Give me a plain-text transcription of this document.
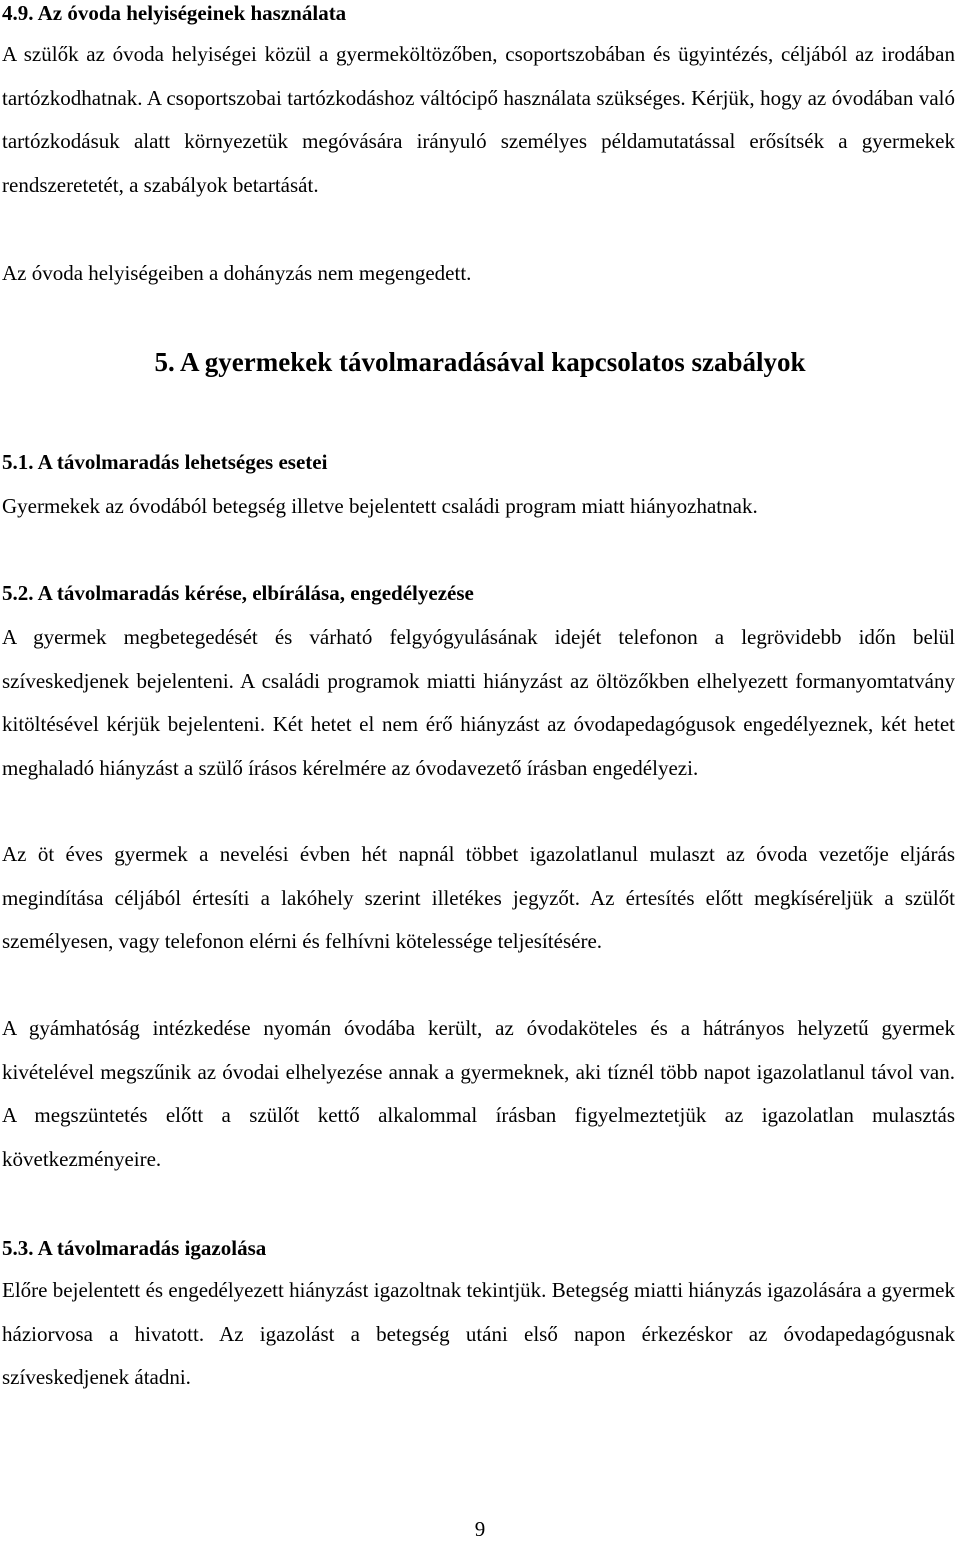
4.9. Az óvoda helyiségeinek használata

A szülők az óvoda helyiségei közül a gyermeköltözőben, csoportszobában és ügyintézés, céljából az irodában tartózkodhatnak. A csoportszobai tartózkodáshoz váltócipő használata szükséges. Kérjük, hogy az óvodában való tartózkodásuk alatt környezetük megóvására irányuló személyes példamutatással erősítsék a gyermekek rendszeretetét, a szabályok betartását.

Az óvoda helyiségeiben a dohányzás nem megengedett.
5. A gyermekek távolmaradásával kapcsolatos szabályok
5.1. A távolmaradás lehetséges esetei
Gyermekek az óvodából betegség illetve bejelentett családi program miatt hiányozhatnak.
5.2. A távolmaradás kérése, elbírálása, engedélyezése

A gyermek megbetegedését és várható felgyógyulásának idejét telefonon a legrövidebb időn belül szíveskedjenek bejelenteni. A családi programok miatti hiányzást az öltözőkben elhelyezett formanyomtatvány kitöltésével kérjük bejelenteni. Két hetet el nem érő hiányzást az óvodapedagógusok engedélyeznek, két hetet meghaladó hiányzást a szülő írásos kérelmére az óvodavezető írásban engedélyezi.

Az öt éves gyermek a nevelési évben hét napnál többet igazolatlanul mulaszt az óvoda vezetője eljárás megindítása céljából értesíti a lakóhely szerint illetékes jegyzőt. Az értesítés előtt megkíséreljük a szülőt személyesen, vagy telefonon elérni és felhívni kötelessége teljesítésére.

A gyámhatóság intézkedése nyomán óvodába került, az óvodaköteles és a hátrányos helyzetű gyermek kivételével megszűnik az óvodai elhelyezése annak a gyermeknek, aki tíznél több napot igazolatlanul távol van. A megszüntetés előtt a szülőt kettő alkalommal írásban figyelmeztetjük az igazolatlan mulasztás következményeire.

5.3. A távolmaradás igazolása

Előre bejelentett és engedélyezett hiányzást igazoltnak tekintjük. Betegség miatti hiányzás igazolására a gyermek háziorvosa a hivatott. Az igazolást a betegség utáni első napon érkezéskor az óvodapedagógusnak szíveskedjenek átadni.

9
